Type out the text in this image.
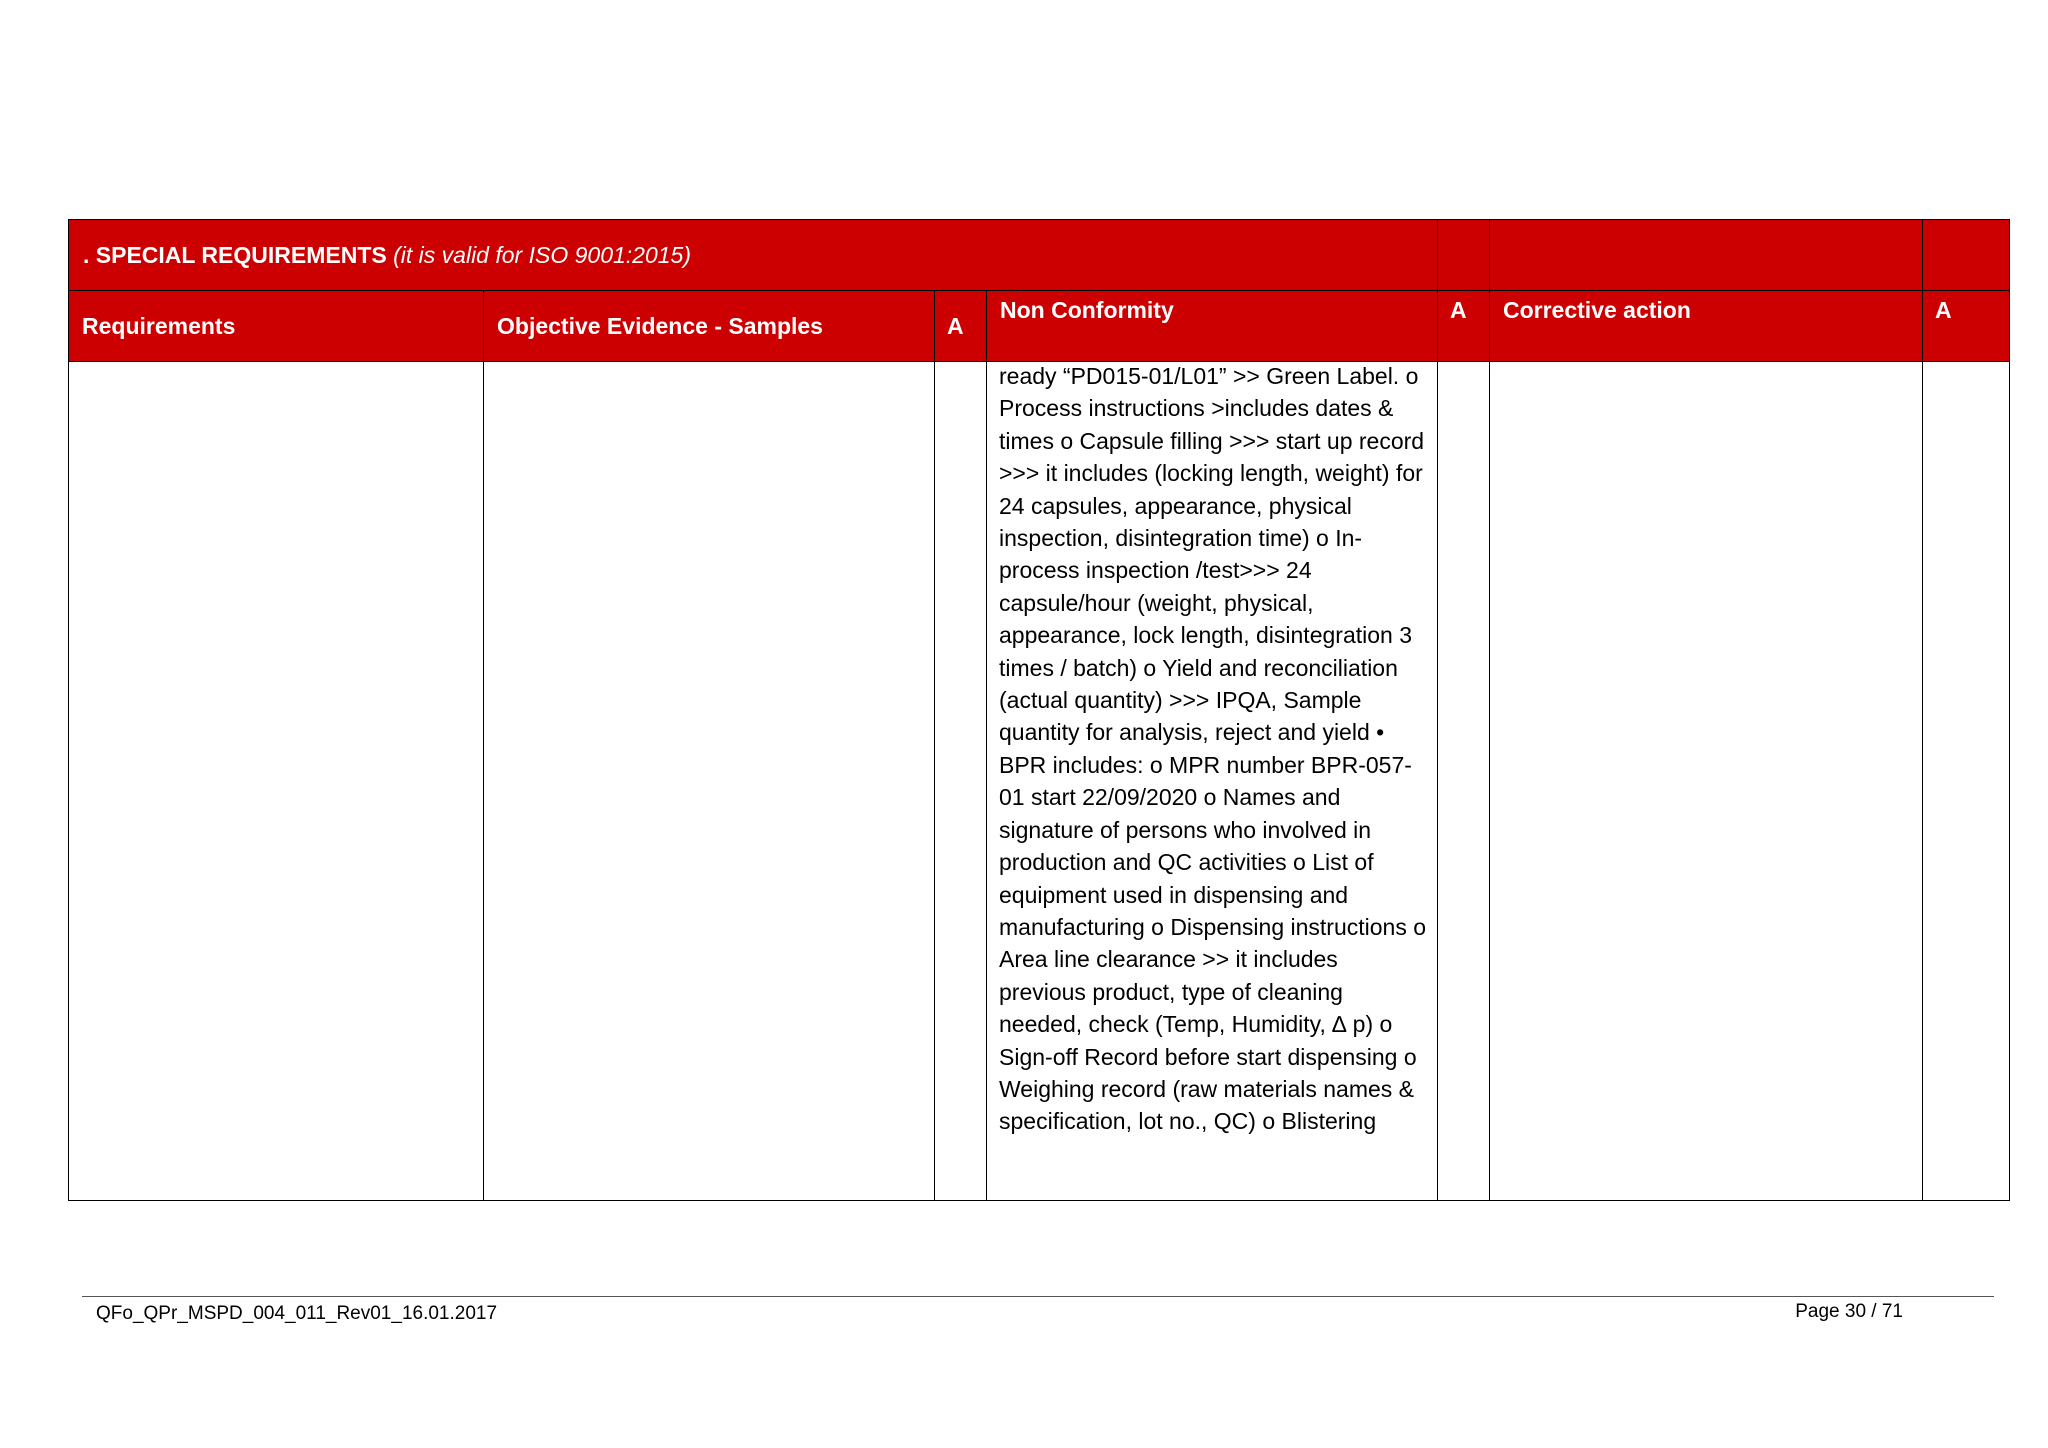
. SPECIAL REQUIREMENTS (it is valid for ISO 9001:2015)						

Requirements	Objective Evidence - Samples	A	Non Conformity	A	Corrective action	A

			ready “PD015-01/L01” >> Green Label. o Process instructions >includes dates & times o Capsule filling >>> start up record >>> it includes (locking length, weight) for 24 capsules, appearance, physical inspection, disintegration time) o In-process inspection /test>>> 24 capsule/hour (weight, physical, appearance, lock length, disintegration 3 times / batch) o Yield and reconciliation (actual quantity) >>> IPQA, Sample quantity for analysis, reject and yield • BPR includes: o MPR number BPR-057-01 start 22/09/2020 o Names and signature of persons who involved in production and QC activities o List of equipment used in dispensing and manufacturing o Dispensing instructions o Area line clearance >> it includes previous product, type of cleaning needed, check (Temp, Humidity, ∆ p) o Sign-off Record before start dispensing o Weighing record (raw materials names & specification, lot no., QC) o Blistering			

QFo_QPr_MSPD_004_011_Rev01_16.01.2017	Page 30 / 71
